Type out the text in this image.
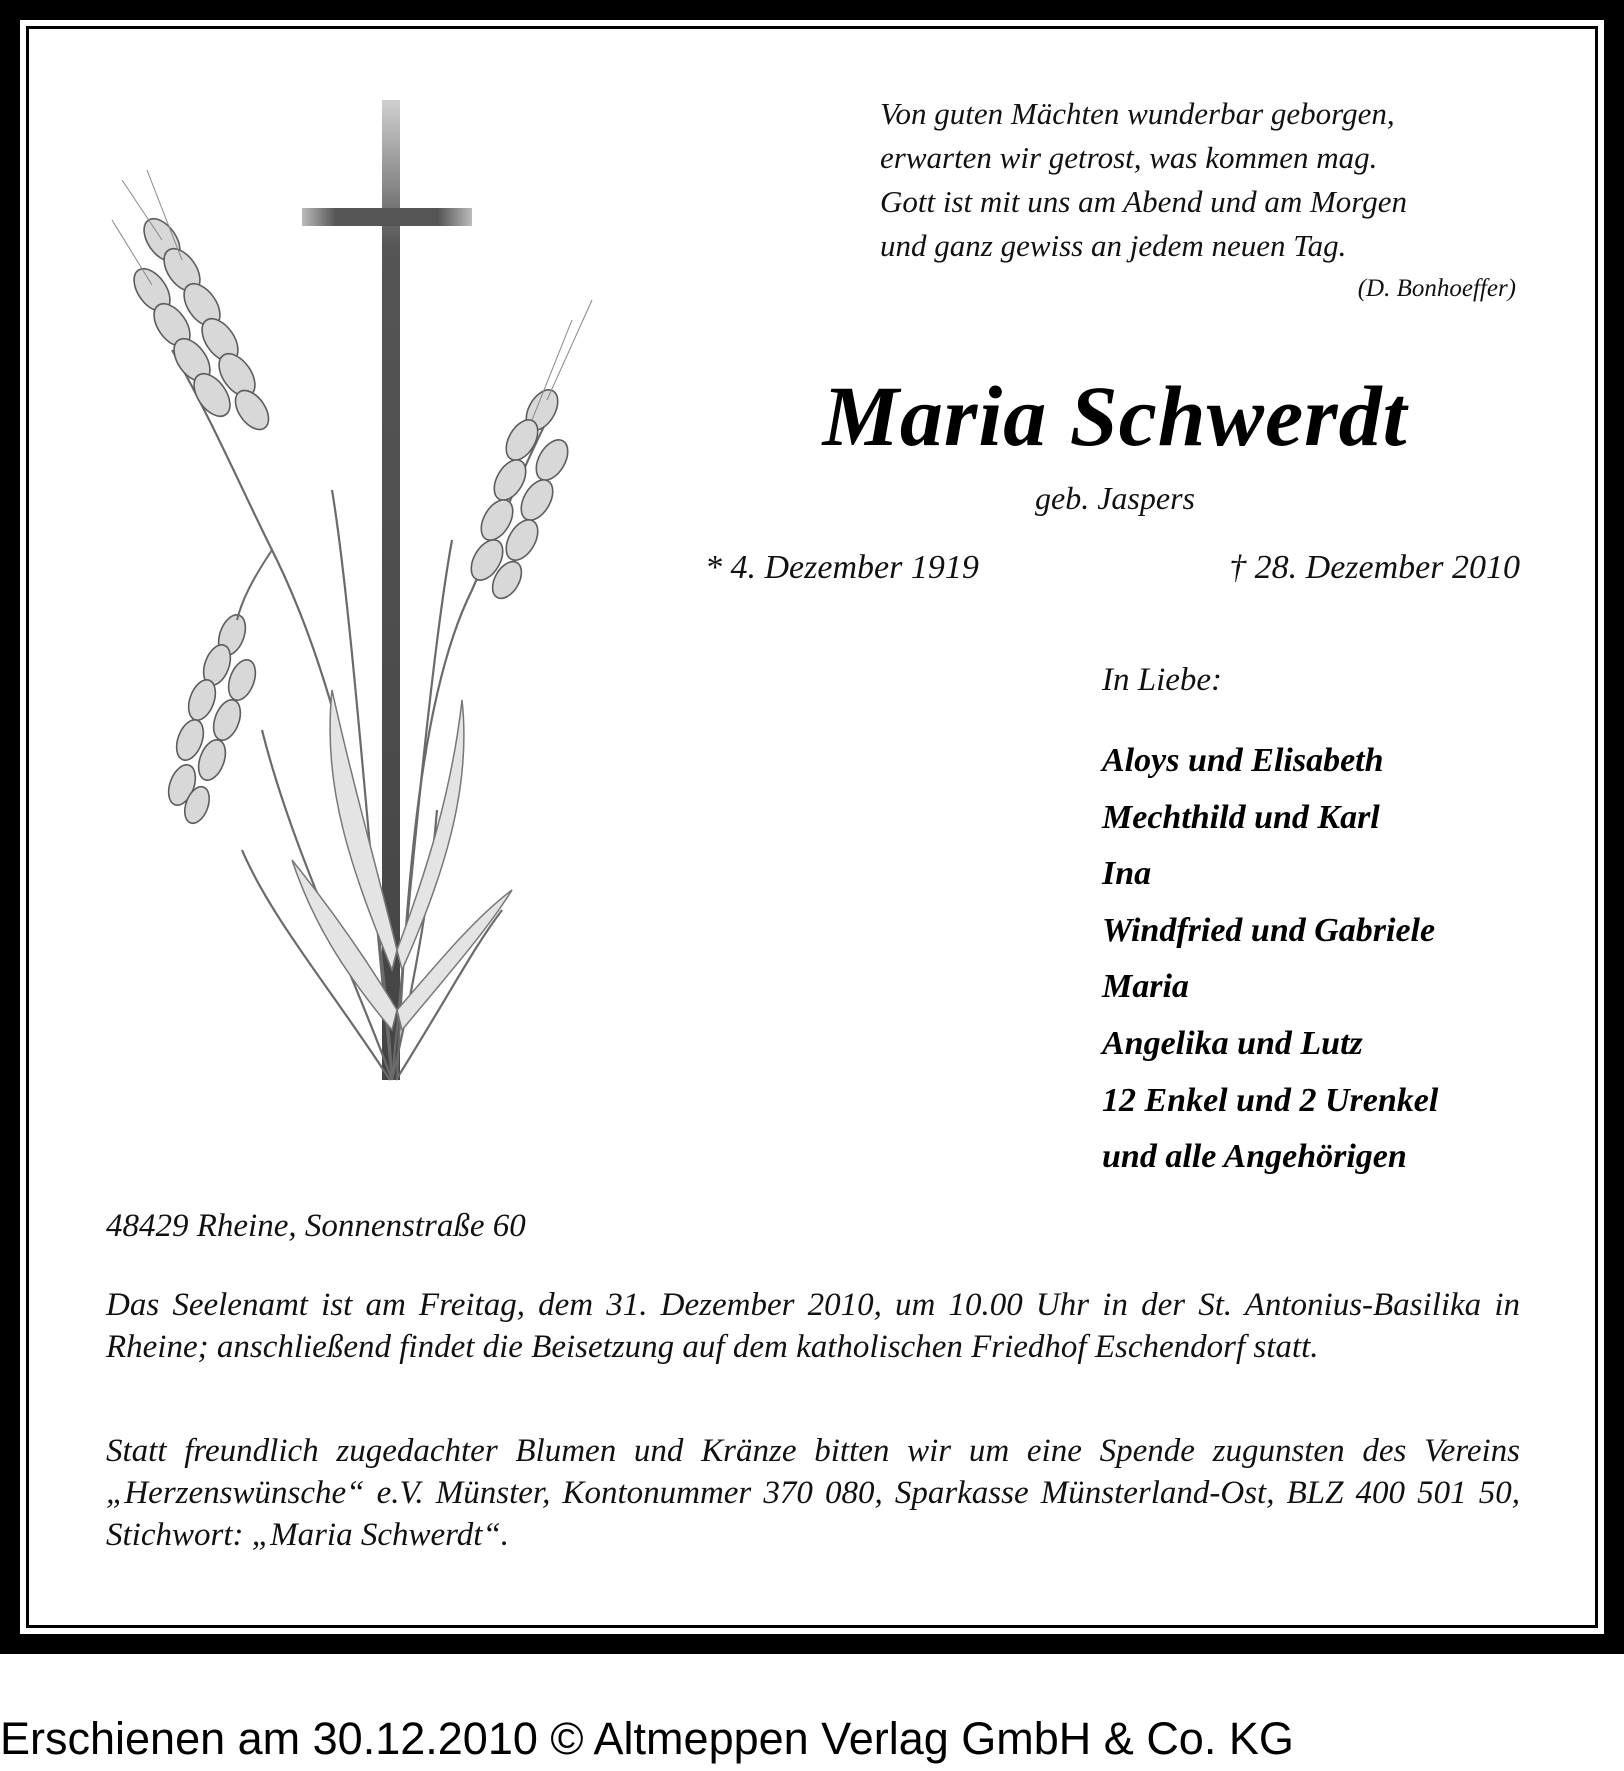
Von guten Mächten wunderbar geborgen,
erwarten wir getrost, was kommen mag.
Gott ist mit uns am Abend und am Morgen
und ganz gewiss an jedem neuen Tag.
(D. Bonhoeffer)
Maria Schwerdt
geb. Jaspers
* 4. Dezember 1919	† 28. Dezember 2010
In Liebe:
Aloys und Elisabeth
Mechthild und Karl
Ina
Windfried und Gabriele
Maria
Angelika und Lutz
12 Enkel und 2 Urenkel
und alle Angehörigen
48429 Rheine, Sonnenstraße 60
Das Seelenamt ist am Freitag, dem 31. Dezember 2010, um 10.00 Uhr in der St. Antonius-Basilika in Rheine; anschließend findet die Beisetzung auf dem katholischen Friedhof Eschendorf statt.
Statt freundlich zugedachter Blumen und Kränze bitten wir um eine Spende zugunsten des Vereins „Herzenswünsche“ e.V. Münster, Kontonummer 370 080, Sparkasse Münsterland-Ost, BLZ 400 501 50, Stichwort: „Maria Schwerdt“.
Erschienen am 30.12.2010 © Altmeppen Verlag GmbH & Co. KG
